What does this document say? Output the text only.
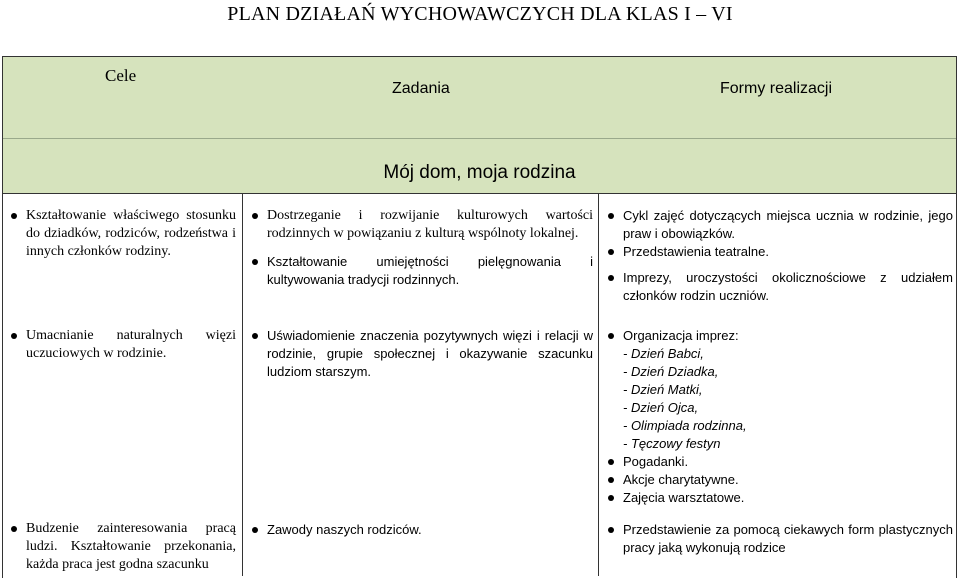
PLAN DZIAŁAŃ WYCHOWAWCZYCH DLA KLAS I – VI
Cele
Zadania	Formy realizacji
Mój dom, moja rodzina
Kształtowanie właściwego stosunku do dziadków, rodziców, rodzeństwa i innych członków rodziny.
Dostrzeganie i rozwijanie kulturowych wartości rodzinnych w powiązaniu z kulturą wspólnoty lokalnej.
Kształtowanie umiejętności pielęgnowania i kultywowania tradycji rodzinnych.
Cykl zajęć dotyczących miejsca ucznia w rodzinie, jego praw i obowiązków.
Przedstawienia teatralne.
Imprezy, uroczystości okolicznościowe z udziałem członków rodzin uczniów.
Umacnianie naturalnych więzi uczuciowych w rodzinie.
Uświadomienie znaczenia pozytywnych więzi i relacji w rodzinie, grupie społecznej i okazywanie szacunku ludziom starszym.
Organizacja imprez:
- Dzień Babci,
- Dzień Dziadka,
- Dzień Matki,
- Dzień Ojca,
- Olimpiada rodzinna,
- Tęczowy festyn
Pogadanki.
Akcje charytatywne.
Zajęcia warsztatowe.
Budzenie zainteresowania pracą ludzi. Kształtowanie przekonania, każda praca jest godna szacunku
Zawody naszych rodziców.	Przedstawienie za pomocą ciekawych form plastycznych pracy jaką wykonują rodzice
